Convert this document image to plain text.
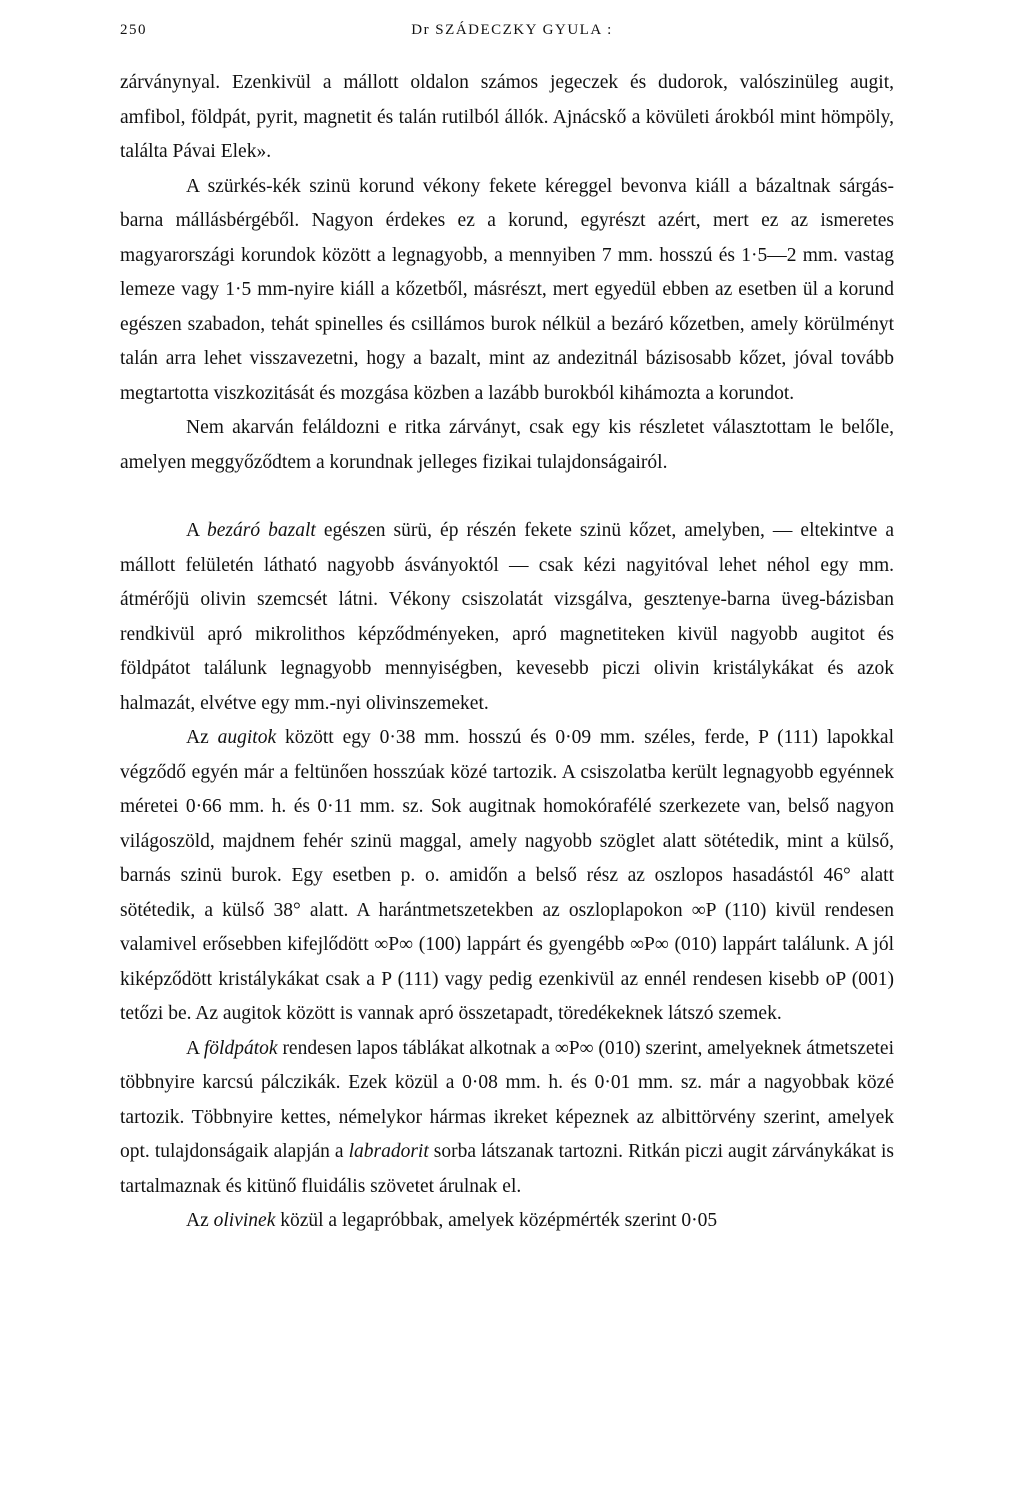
250	Dr SZÁDECZKY GYULA :

zárványnyal. Ezenkivül a mállott oldalon számos jegeczek és dudorok, valószinüleg augit, amfibol, földpát, pyrit, magnetit és talán rutilból állók. Ajnácskő a kövületi árokból mint hömpöly, találta Pávai Elek».

A szürkés-kék szinü korund vékony fekete kéreggel bevonva kiáll a bázaltnak sárgás-barna mállásbérgéből. Nagyon érdekes ez a korund, egyrészt azért, mert ez az ismeretes magyarországi korundok között a legnagyobb, a mennyiben 7 mm. hosszú és 1·5—2 mm. vastag lemeze vagy 1·5 mm-nyire kiáll a kőzetből, másrészt, mert egyedül ebben az esetben ül a korund egészen szabadon, tehát spinelles és csillámos burok nélkül a bezáró kőzetben, amely körülményt talán arra lehet visszavezetni, hogy a bazalt, mint az andezitnál bázisosabb kőzet, jóval tovább megtartotta viszkozitását és mozgása közben a lazább burokból kihámozta a korundot.

Nem akarván feláldozni e ritka zárványt, csak egy kis részletet választottam le belőle, amelyen meggyőződtem a korundnak jelleges fizikai tulajdonságairól.

A bezáró bazalt egészen sürü, ép részén fekete szinü kőzet, amelyben, — eltekintve a mállott felületén látható nagyobb ásványoktól — csak kézi nagyitóval lehet néhol egy mm. átmérőjü olivin szemcsét látni. Vékony csiszolatát vizsgálva, gesztenye-barna üveg-bázisban rendkivül apró mikrolithos képződményeken, apró magnetiteken kivül nagyobb augitot és földpátot találunk legnagyobb mennyiségben, kevesebb piczi olivin kristálykákat és azok halmazát, elvétve egy mm.-nyi olivinszemeket.

Az augitok között egy 0·38 mm. hosszú és 0·09 mm. széles, ferde, P (111) lapokkal végződő egyén már a feltünően hosszúak közé tartozik. A csiszolatba került legnagyobb egyénnek méretei 0·66 mm. h. és 0·11 mm. sz. Sok augitnak homokórafélé szerkezete van, belső nagyon világoszöld, majdnem fehér szinü maggal, amely nagyobb szöglet alatt sötétedik, mint a külső, barnás szinü burok. Egy esetben p. o. amidőn a belső rész az oszlopos hasadástól 46° alatt sötétedik, a külső 38° alatt. A harántmetszetekben az oszloplapokon ∞P (110) kivül rendesen valamivel erősebben kifejlődött ∞P∞ (100) lappárt és gyengébb ∞P∞ (010) lappárt találunk. A jól kiképződött kristálykákat csak a P (111) vagy pedig ezenkivül az ennél rendesen kisebb oP (001) tetőzi be. Az augitok között is vannak apró összetapadt, töredékeknek látszó szemek.

A földpátok rendesen lapos táblákat alkotnak a ∞P∞ (010) szerint, amelyeknek átmetszetei többnyire karcsú pálczikák. Ezek közül a 0·08 mm. h. és 0·01 mm. sz. már a nagyobbak közé tartozik. Többnyire kettes, némelykor hármas ikreket képeznek az albittörvény szerint, amelyek opt. tulajdonságaik alapján a labradorit sorba látszanak tartozni. Ritkán piczi augit zárványkákat is tartalmaznak és kitünő fluidális szövetet árulnak el.

Az olivinek közül a legapróbbak, amelyek középmérték szerint 0·05
